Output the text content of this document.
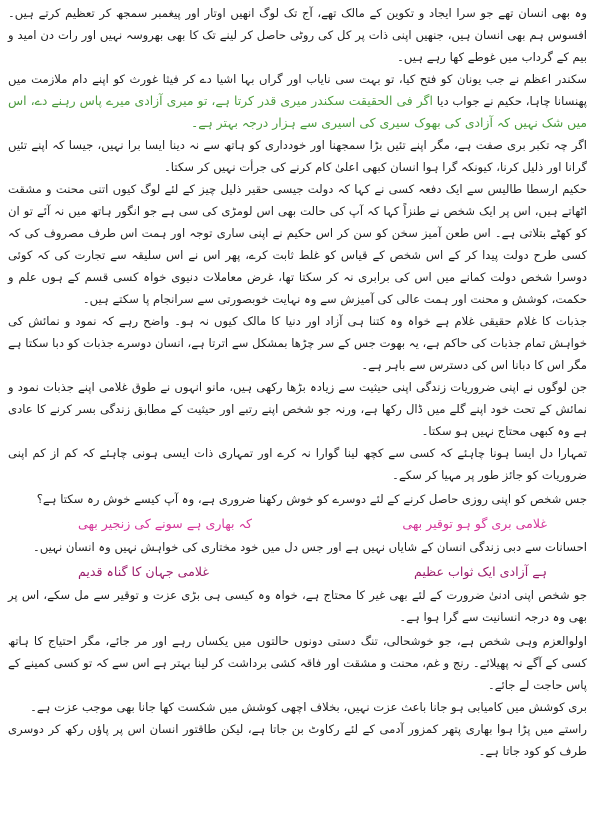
وہ بھی انسان تھے جو سرا ایجاد و تکوین کے مالک تھے، آج تک لوگ انھیں اوتار اور پیغمبر سمجھ کر تعظیم کرتے ہیں۔ افسوس ہم بھی انسان ہیں، جنھیں اپنی ذات پر کل کی روٹی حاصل کر لینے تک کا بھی بھروسہ نہیں اور رات دن امید و بیم کے گرداب میں غوطے کھا رہے ہیں۔

سکندر اعظم نے جب یونان کو فتح کیا، تو بہت سی نایاب اور گراں بہا اشیا دے کر فیثا غورث کو اپنے دام ملازمت میں پھنسانا چاہا، حکیم نے جواب دیا اگر فی الحقیقت سکندر میری قدر کرتا ہے، تو میری آزادی میرے پاس رہنے دے، اس میں شک نہیں کہ آزادی کی بھوک سیری کی اسیری سے ہزار درجہ بہتر ہے۔

اگر چہ تکبر بری صفت ہے، مگر اپنے تئیں بڑا سمجھنا اور خودداری کو ہاتھ سے نہ دینا ایسا برا نہیں، جیسا کہ اپنے تئیں گرانا اور ذلیل کرنا، کیونکہ گرا ہوا انسان کبھی اعلیٰ کام کرنے کی جرأت نہیں کر سکتا۔

حکیم ارسطا طالیس سے ایک دفعہ کسی نے کہا کہ دولت جیسی حقیر ذلیل چیز کے لئے لوگ کیوں اتنی محنت و مشقت اٹھاتے ہیں، اس پر ایک شخص نے طنزاً کہا کہ آپ کی حالت بھی اس لومڑی کی سی ہے جو انگور ہاتھ میں نہ آئے تو ان کو کھٹے بتلاتی ہے۔ اس طعن آمیز سخن کو سن کر اس حکیم نے اپنی ساری توجہ اور ہمت اس طرف مصروف کی کہ کسی طرح دولت پیدا کر کے اس شخص کے قیاس کو غلط ثابت کرے، پھر اس نے اس سلیقہ سے تجارت کی کہ کوئی دوسرا شخص دولت کمانے میں اس کی برابری نہ کر سکتا تھا، غرض معاملات دنیوی خواہ کسی قسم کے ہوں علم و حکمت، کوشش و محنت اور ہمت عالی کی آمیزش سے وہ نہایت خوبصورتی سے سرانجام پا سکتے ہیں۔

جذبات کا غلام حقیقی غلام ہے خواہ وہ کتنا ہی آزاد اور دنیا کا مالک کیوں نہ ہو۔ واضح رہے کہ نمود و نمائش کی خواہش تمام جذبات کی حاکم ہے، یہ بھوت جس کے سر چڑھا بمشکل سے اترتا ہے، انسان دوسرے جذبات کو دبا سکتا ہے مگر اس کا دبانا اس کی دسترس سے باہر ہے۔

جن لوگوں نے اپنی ضروریات زندگی اپنی حیثیت سے زیادہ بڑھا رکھی ہیں، مانو انہوں نے طوق غلامی اپنے جذبات نمود و نمائش کے تحت خود اپنے گلے میں ڈال رکھا ہے، ورنہ جو شخص اپنے رتبے اور حیثیت کے مطابق زندگی بسر کرنے کا عادی ہے وہ کبھی محتاج نہیں ہو سکتا۔

تمہارا دل ایسا ہونا چاہئے کہ کسی سے کچھ لینا گوارا نہ کرے اور تمہاری ذات ایسی ہونی چاہئے کہ کم از کم اپنی ضروریات کو جائز طور پر مہیا کر سکے۔

جس شخص کو اپنی روزی حاصل کرنے کے لئے دوسرے کو خوش رکھنا ضروری ہے، وہ آپ کیسے خوش رہ سکتا ہے؟

غلامی بری گو ہو توقیر بھی
کہ بھاری ہے سونے کی زنجیر بھی

احسانات سے دبی زندگی انسان کے شایاں نہیں ہے اور جس دل میں خود مختاری کی خواہش نہیں وہ انسان نہیں۔

ہے آزادی ایک ثواب عظیم
غلامی جہان کا گناہ قدیم

جو شخص اپنی ادنیٰ ضرورت کے لئے بھی غیر کا محتاج ہے، خواہ وہ کیسی ہی بڑی عزت و توقیر سے مل سکے، اس پر بھی وہ درجہ انسانیت سے گرا ہوا ہے۔

اولوالعزم وہی شخص ہے، جو خوشحالی، تنگ دستی دونوں حالتوں میں یکساں رہے اور مر جائے، مگر احتیاج کا ہاتھ کسی کے آگے نہ پھیلائے۔ رنج و غم، محنت و مشقت اور فاقہ کشی برداشت کر لینا بہتر ہے اس سے کہ تو کسی کمینے کے پاس حاجت لے جائے۔

بری کوشش میں کامیابی ہو جانا باعث عزت نہیں، بخلاف اچھی کوشش میں شکست کھا جانا بھی موجب عزت ہے۔

راستے میں پڑا ہوا بھاری پتھر کمزور آدمی کے لئے رکاوٹ بن جاتا ہے، لیکن طاقتور انسان اس پر پاؤں رکھ کر دوسری طرف کو کود جاتا ہے۔
